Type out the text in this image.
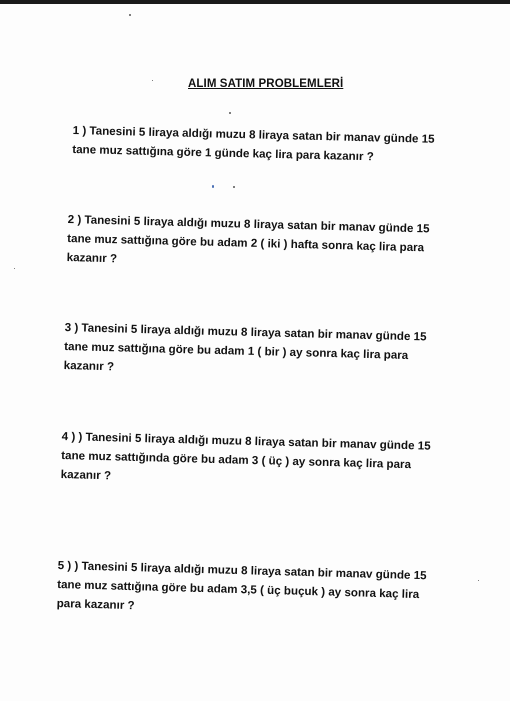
ALIM SATIM PROBLEMLERİ
1 ) Tanesini 5 liraya aldığı muzu 8 liraya satan bir manav günde 15
tane muz sattığına göre 1 günde kaç lira para kazanır ?
2 ) Tanesini 5 liraya aldığı muzu 8 liraya satan bir manav günde 15
tane muz sattığına göre bu adam 2 ( iki ) hafta sonra kaç lira para
kazanır ?
3 ) Tanesini 5 liraya aldığı muzu 8 liraya satan bir manav günde 15
tane muz sattığına göre bu adam 1 ( bir ) ay sonra kaç lira para
kazanır ?
4 ) ) Tanesini 5 liraya aldığı muzu 8 liraya satan bir manav günde 15
tane muz sattığında göre bu adam 3 ( üç ) ay sonra kaç lira para
kazanır ?
5 ) ) Tanesini 5 liraya aldığı muzu 8 liraya satan bir manav günde 15
tane muz sattığına göre bu adam 3,5 ( üç buçuk ) ay sonra kaç lira
para kazanır ?
